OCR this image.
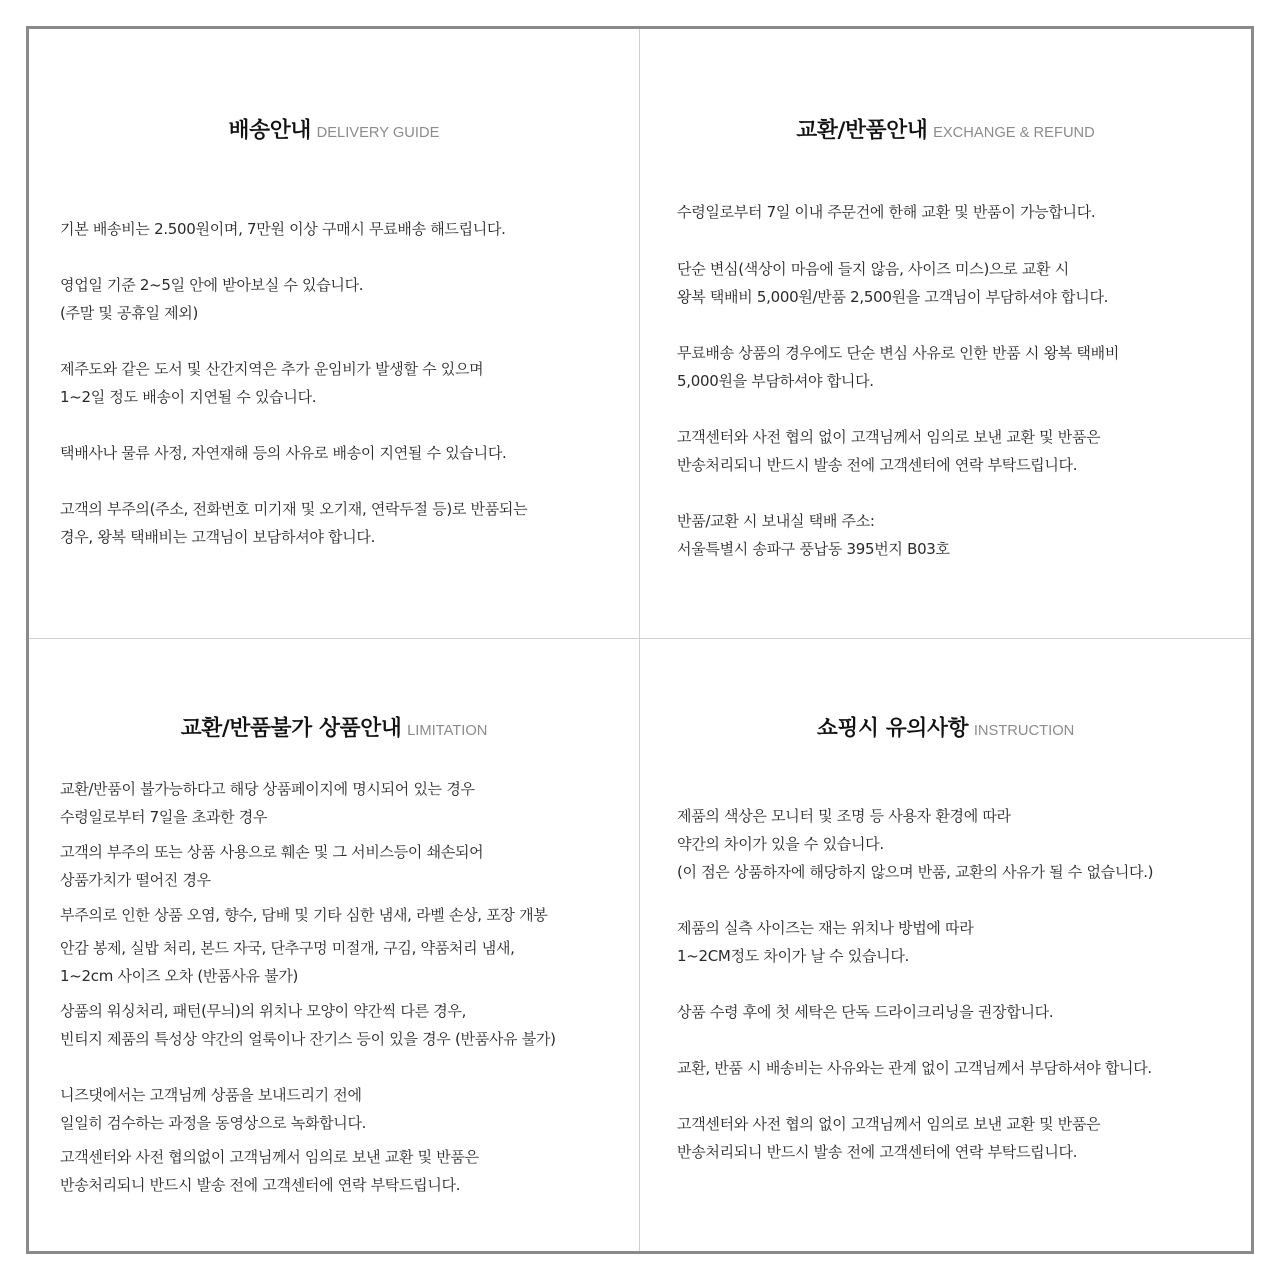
배송안내 DELIVERY GUIDE
기본 배송비는 2.500원이며, 7만원 이상 구매시 무료배송 해드립니다.
영업일 기준 2~5일 안에 받아보실 수 있습니다.
(주말 및 공휴일 제외)
제주도와 같은 도서 및 산간지역은 추가 운임비가 발생할 수 있으며
1~2일 정도 배송이 지연될 수 있습니다.
택배사나 물류 사정, 자연재해 등의 사유로 배송이 지연될 수 있습니다.
고객의 부주의(주소, 전화번호 미기재 및 오기재, 연락두절 등)로 반품되는
경우, 왕복 택배비는 고객님이 보담하셔야 합니다.
교환/반품안내 EXCHANGE & REFUND
수령일로부터 7일 이내 주문건에 한해 교환 및 반품이 가능합니다.
단순 변심(색상이 마음에 들지 않음, 사이즈 미스)으로 교환 시
왕복 택배비 5,000원/반품 2,500원을 고객님이 부담하셔야 합니다.
무료배송 상품의 경우에도 단순 변심 사유로 인한 반품 시 왕복 택배비
5,000원을 부담하셔야 합니다.
고객센터와 사전 협의 없이 고객님께서 임의로 보낸 교환 및 반품은
반송처리되니 반드시 발송 전에 고객센터에 연락 부탁드립니다.
반품/교환 시 보내실 택배 주소:
서울특별시 송파구 풍납동 395번지 B03호
교환/반품불가 상품안내 LIMITATION
교환/반품이 불가능하다고 해당 상품페이지에 명시되어 있는 경우
수령일로부터 7일을 초과한 경우
고객의 부주의 또는 상품 사용으로 훼손 및 그 서비스등이 쇄손되어
상품가치가 떨어진 경우
부주의로 인한 상품 오염, 향수, 담배 및 기타 심한 냄새, 라벨 손상, 포장 개봉
안감 봉제, 실밥 처리, 본드 자국, 단추구멍 미절개, 구김, 약품처리 냄새,
1~2cm 사이즈 오차 (반품사유 불가)
상품의 워싱처리, 패턴(무늬)의 위치나 모양이 약간씩 다른 경우,
빈티지 제품의 특성상 약간의 얼룩이나 잔기스 등이 있을 경우 (반품사유 불가)
니즈댓에서는 고객님께 상품을 보내드리기 전에
일일히 검수하는 과정을 동영상으로 녹화합니다.
고객센터와 사전 협의없이 고객님께서 임의로 보낸 교환 및 반품은
반송처리되니 반드시 발송 전에 고객센터에 연락 부탁드립니다.
쇼핑시 유의사항 INSTRUCTION
제품의 색상은 모니터 및 조명 등 사용자 환경에 따라
약간의 차이가 있을 수 있습니다.
(이 점은 상품하자에 해당하지 않으며 반품, 교환의 사유가 될 수 없습니다.)
제품의 실측 사이즈는 재는 위치나 방법에 따라
1~2CM정도 차이가 날 수 있습니다.
상품 수령 후에 첫 세탁은 단독 드라이크리닝을 권장합니다.
교환, 반품 시 배송비는 사유와는 관계 없이 고객님께서 부담하셔야 합니다.
고객센터와 사전 협의 없이 고객님께서 임의로 보낸 교환 및 반품은
반송처리되니 반드시 발송 전에 고객센터에 연락 부탁드립니다.
